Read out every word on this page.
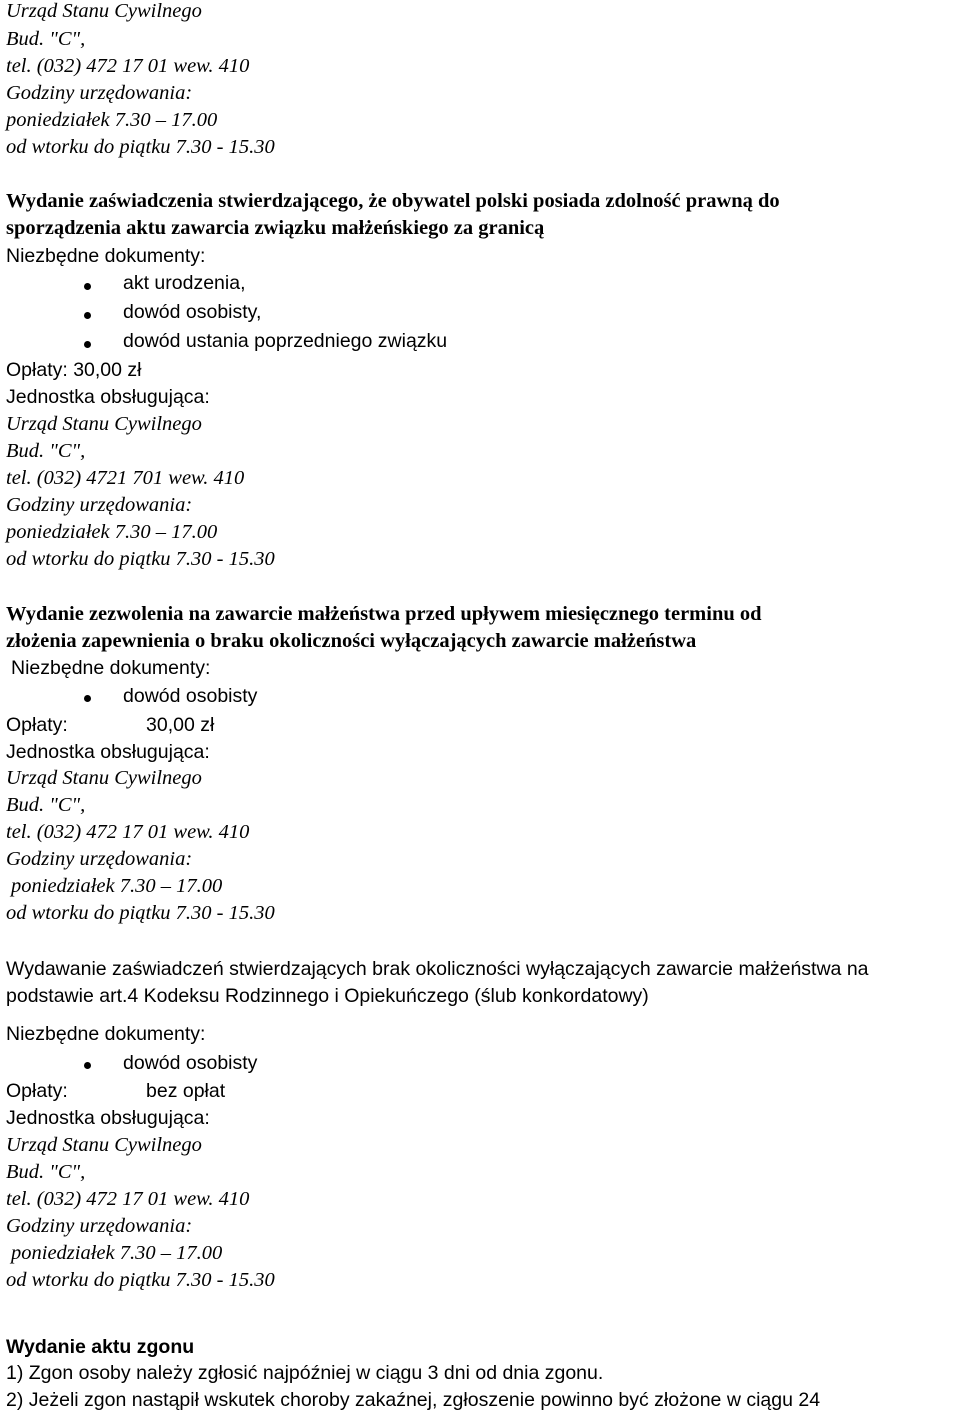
Urząd Stanu Cywilnego
Bud. "C",
tel. (032) 472 17 01 wew. 410
Godziny urzędowania:
poniedziałek 7.30 – 17.00
od wtorku do piątku 7.30 - 15.30
Wydanie zaświadczenia stwierdzającego, że obywatel polski posiada zdolność prawną do
sporządzenia aktu zawarcia związku małżeńskiego za granicą
Niezbędne dokumenty:
akt urodzenia,
dowód osobisty,
dowód ustania poprzedniego związku
Opłaty: 30,00 zł
Jednostka obsługująca:
Urząd Stanu Cywilnego
Bud. "C",
tel. (032) 4721 701 wew. 410
Godziny urzędowania:
poniedziałek 7.30 – 17.00
od wtorku do piątku 7.30 - 15.30
Wydanie zezwolenia na zawarcie małżeństwa przed upływem miesięcznego terminu od
złożenia zapewnienia o braku okoliczności wyłączających zawarcie małżeństwa
Niezbędne dokumenty:
dowód osobisty
Opłaty:	30,00 zł
Jednostka obsługująca:
Urząd Stanu Cywilnego
Bud. "C",
tel. (032) 472 17 01 wew. 410
Godziny urzędowania:
poniedziałek 7.30 – 17.00
od wtorku do piątku 7.30 - 15.30
Wydawanie zaświadczeń stwierdzających brak okoliczności wyłączających zawarcie małżeństwa na
podstawie art.4 Kodeksu Rodzinnego i Opiekuńczego (ślub konkordatowy)
Niezbędne dokumenty:
dowód osobisty
Opłaty:	bez opłat
Jednostka obsługująca:
Urząd Stanu Cywilnego
Bud. "C",
tel. (032) 472 17 01 wew. 410
Godziny urzędowania:
poniedziałek 7.30 – 17.00
od wtorku do piątku 7.30 - 15.30
Wydanie aktu zgonu
1) Zgon osoby należy zgłosić najpóźniej w ciągu 3 dni od dnia zgonu.
2) Jeżeli zgon nastąpił wskutek choroby zakaźnej, zgłoszenie powinno być złożone w ciągu 24
